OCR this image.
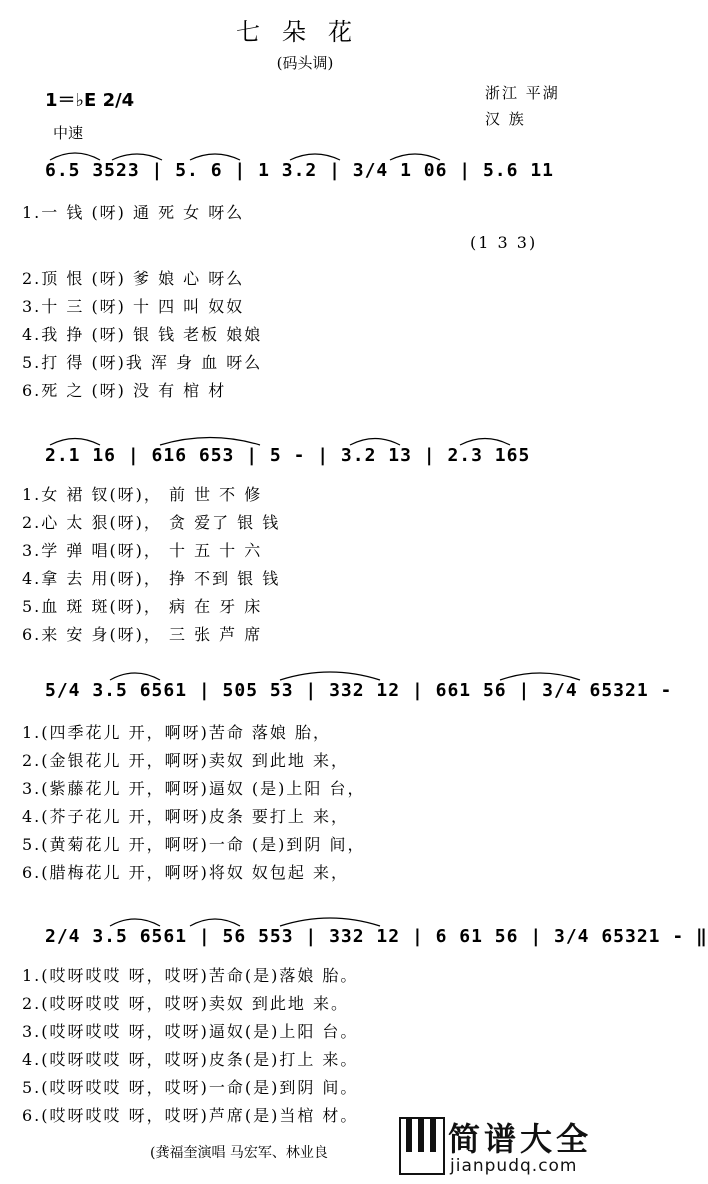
七朵花
(码头调)
1＝♭E 2/4
中速
浙江 平湖
汉 族
6.5 3523 | 5. 6 | 1 3.2 | 3/4 1 06 | 5.6 11
1.一 钱 (呀) 通 死 女 呀么
(1 3 3)
2.顶 恨 (呀) 爹 娘 心 呀么
3.十 三 (呀) 十 四 叫 奴奴
4.我 挣 (呀) 银 钱 老板 娘娘
5.打 得 (呀)我 浑 身 血 呀么
6.死 之 (呀) 没 有 棺 材
2.1 16 | 616 653 | 5 - | 3.2 13 | 2.3 165
1.女 裙 钗(呀)， 前 世 不 修
2.心 太 狠(呀)， 贪 爱了 银 钱
3.学 弹 唱(呀)， 十 五 十 六
4.拿 去 用(呀)， 挣 不到 银 钱
5.血 斑 斑(呀)， 病 在 牙 床
6.来 安 身(呀)， 三 张 芦 席
5/4 3.5 6561 | 505 53 | 332 12 | 661 56 | 3/4 65321 -
1.(四季花儿 开，啊呀)苦命 落娘 胎，
2.(金银花儿 开，啊呀)卖奴 到此地 来，
3.(紫藤花儿 开，啊呀)逼奴 (是)上阳 台，
4.(芥子花儿 开，啊呀)皮条 要打上 来，
5.(黄菊花儿 开，啊呀)一命 (是)到阴 间，
6.(腊梅花儿 开，啊呀)将奴 奴包起 来，
2/4 3.5 6561 | 56 553 | 332 12 | 6 61 56 | 3/4 65321 - ‖
1.(哎呀哎哎 呀，哎呀)苦命(是)落娘 胎。
2.(哎呀哎哎 呀，哎呀)卖奴 到此地 来。
3.(哎呀哎哎 呀，哎呀)逼奴(是)上阳 台。
4.(哎呀哎哎 呀，哎呀)皮条(是)打上 来。
5.(哎呀哎哎 呀，哎呀)一命(是)到阴 间。
6.(哎呀哎哎 呀，哎呀)芦席(是)当棺 材。
(龚福奎演唱 马宏军、林业良	简谱大全
jianpudq.com
